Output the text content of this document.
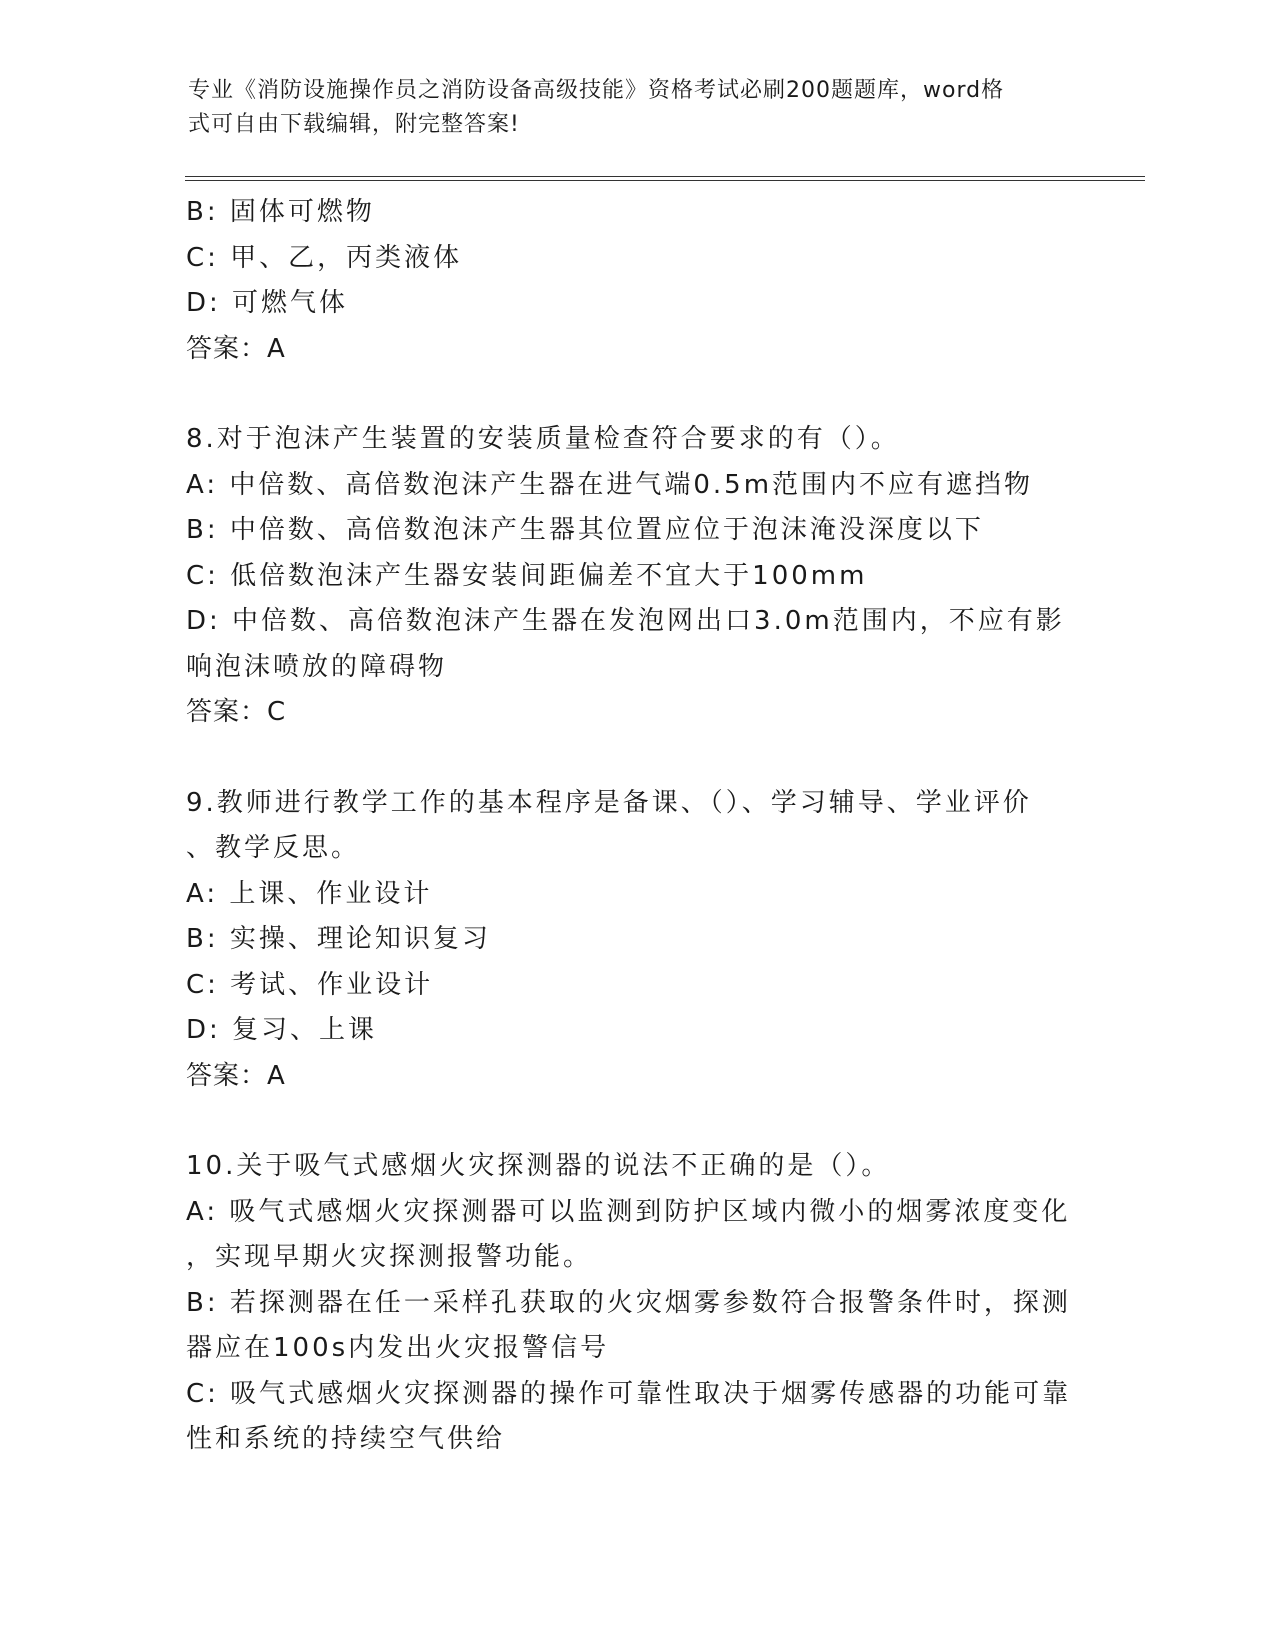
专业《消防设施操作员之消防设备高级技能》资格考试必刷200题题库，word格
式可自由下载编辑，附完整答案!
B: 固体可燃物
C: 甲、乙，丙类液体
D: 可燃气体
答案：A
8.对于泡沫产生装置的安装质量检查符合要求的有（）。
A: 中倍数、高倍数泡沫产生器在进气端0.5m范围内不应有遮挡物
B: 中倍数、高倍数泡沫产生器其位置应位于泡沫淹没深度以下
C: 低倍数泡沫产生器安装间距偏差不宜大于100mm
D: 中倍数、高倍数泡沫产生器在发泡网出口3.0m范围内，不应有影
响泡沫喷放的障碍物
答案：C
9.教师进行教学工作的基本程序是备课、（）、学习辅导、学业评价
、教学反思。
A: 上课、作业设计
B: 实操、理论知识复习
C: 考试、作业设计
D: 复习、上课
答案：A
10.关于吸气式感烟火灾探测器的说法不正确的是（）。
A: 吸气式感烟火灾探测器可以监测到防护区域内微小的烟雾浓度变化
，实现早期火灾探测报警功能。
B: 若探测器在任一采样孔获取的火灾烟雾参数符合报警条件时，探测
器应在100s内发出火灾报警信号
C: 吸气式感烟火灾探测器的操作可靠性取决于烟雾传感器的功能可靠
性和系统的持续空气供给
